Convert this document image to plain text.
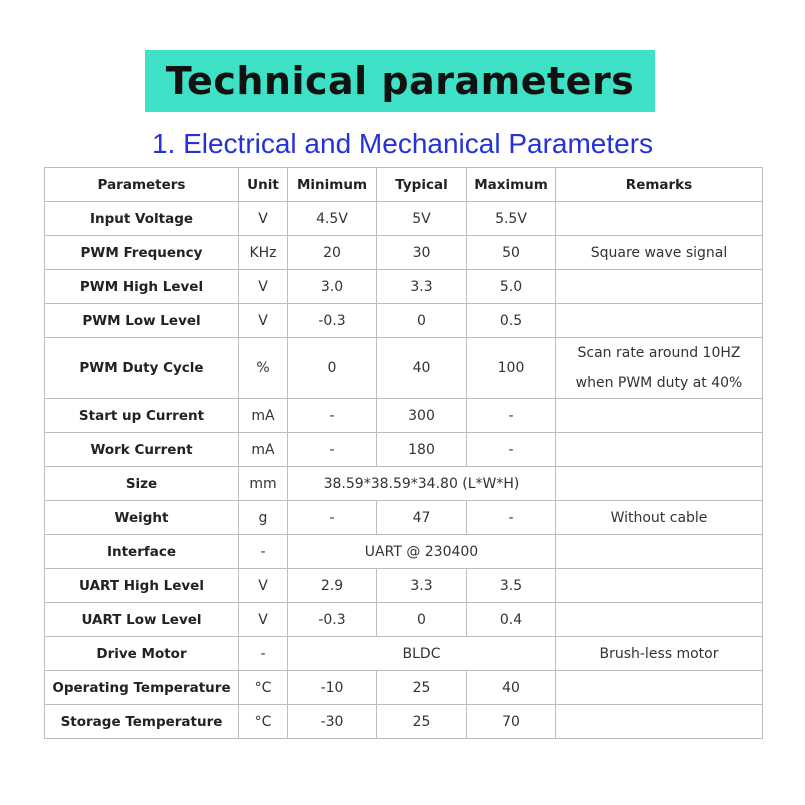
Technical parameters
1. Electrical and Mechanical Parameters
Parameters	Unit	Minimum	Typical	Maximum	Remarks
Input Voltage	V	4.5V	5V	5.5V	
PWM Frequency	KHz	20	30	50	Square wave signal
PWM High Level	V	3.0	3.3	5.0	
PWM Low Level	V	-0.3	0	0.5	
PWM Duty Cycle	%	0	40	100	Scan rate around 10HZ
when PWM duty at 40%

Start up Current	mA	-	300	-	
Work Current	mA	-	180	-	
Size	mm	38.59*38.59*34.80 (L*W*H)			
Weight	g	-	47	-	Without cable
Interface	-	UART @ 230400			
UART High Level	V	2.9	3.3	3.5	
UART Low Level	V	-0.3	0	0.4	
Drive Motor	-	BLDC			Brush-less motor
Operating Temperature	°C	-10	25	40	
Storage Temperature	°C	-30	25	70	
